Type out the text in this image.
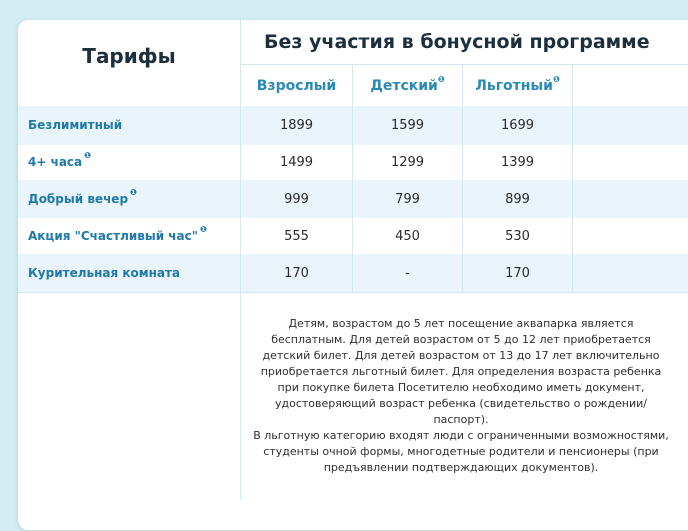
Тарифы
Без участия в бонусной программе
Взрослый	Детский$^❶$	Льготный$^❶$
Безлимитный	1899	1599	1699
4+ часа $^❶$	1499	1299	1399
Добрый вечер $^❶$	999	799	899
Акция "Счастливый час" $^❶$	555	450	530
Курительная комната	170	-	170

Детям, возрастом до 5 лет посещение аквапарка является бесплатным. Для детей возрастом от 5 до 12 лет приобретается детский билет. Для детей возрастом от 13 до 17 лет включительно приобретается льготный билет. Для определения возраста ребенка при покупке билета Посетителю необходимо иметь документ, удостоверяющий возраст ребенка (свидетельство о рождении/паспорт).

В льготную категорию входят люди с ограниченными возможностями, студенты очной формы, многодетные родители и пенсионеры (при предъявлении подтверждающих документов).
